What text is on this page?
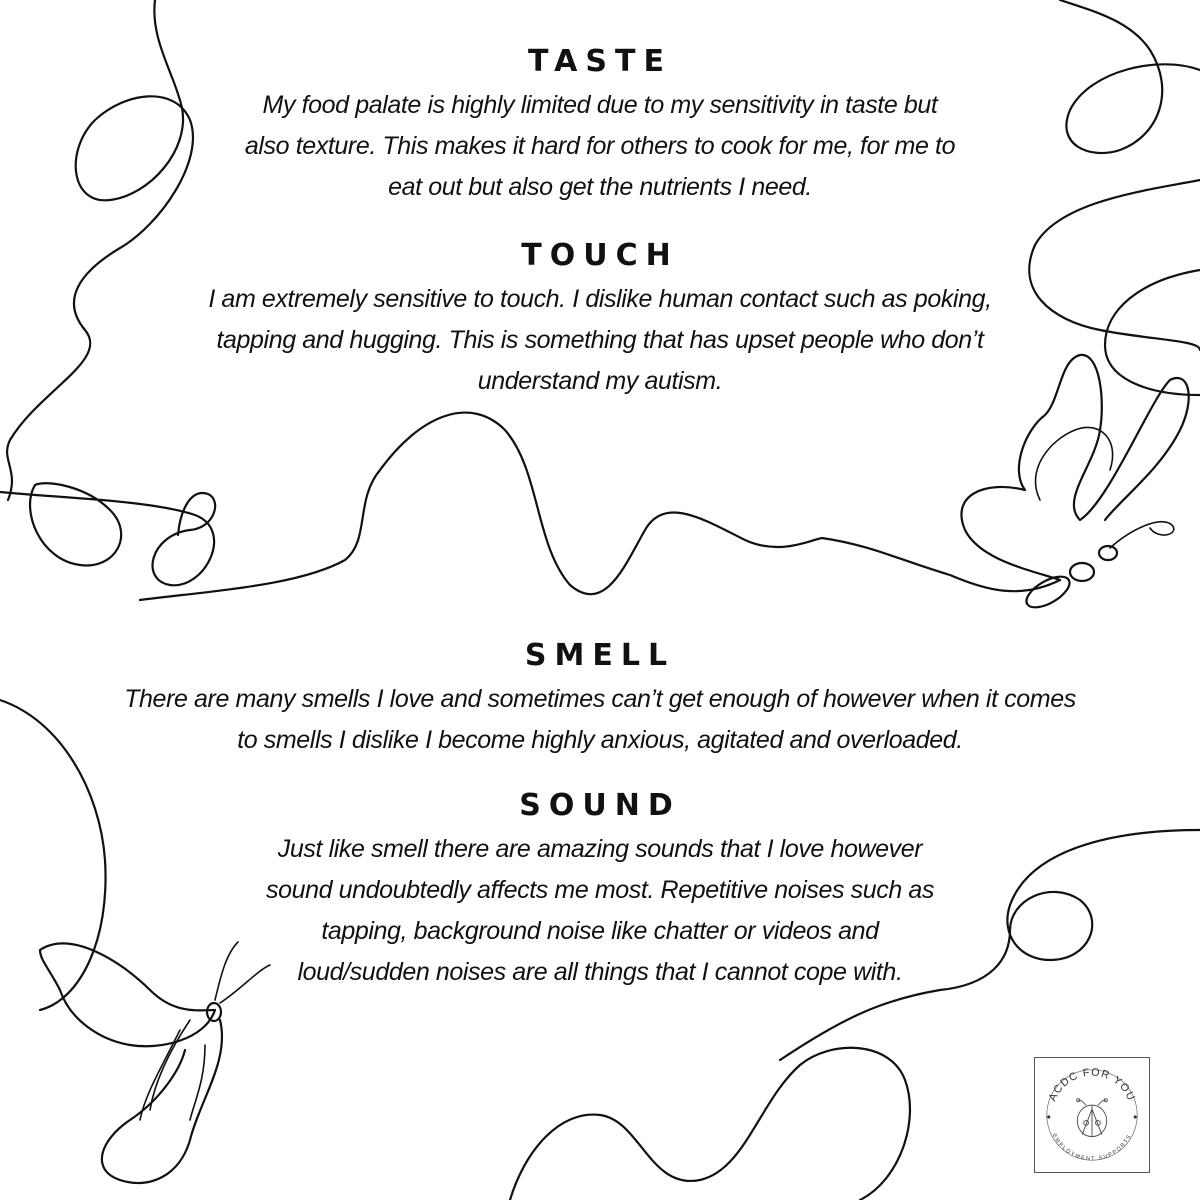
TASTE

My food palate is highly limited due to my sensitivity in taste but
also texture. This makes it hard for others to cook for me, for me to
eat out but also get the nutrients I need.

TOUCH

I am extremely sensitive to touch. I dislike human contact such as poking,
tapping and hugging. This is something that has upset people who don’t
understand my autism.

SMELL

There are many smells I love and sometimes can’t get enough of however when it comes
to smells I dislike I become highly anxious, agitated and overloaded.

SOUND

Just like smell there are amazing sounds that I love however
sound undoubtedly affects me most. Repetitive noises such as
tapping, background noise like chatter or videos and
loud/sudden noises are all things that I cannot cope with.

ACDC FOR YOU
EMPLOYMENT SUPPORTS
